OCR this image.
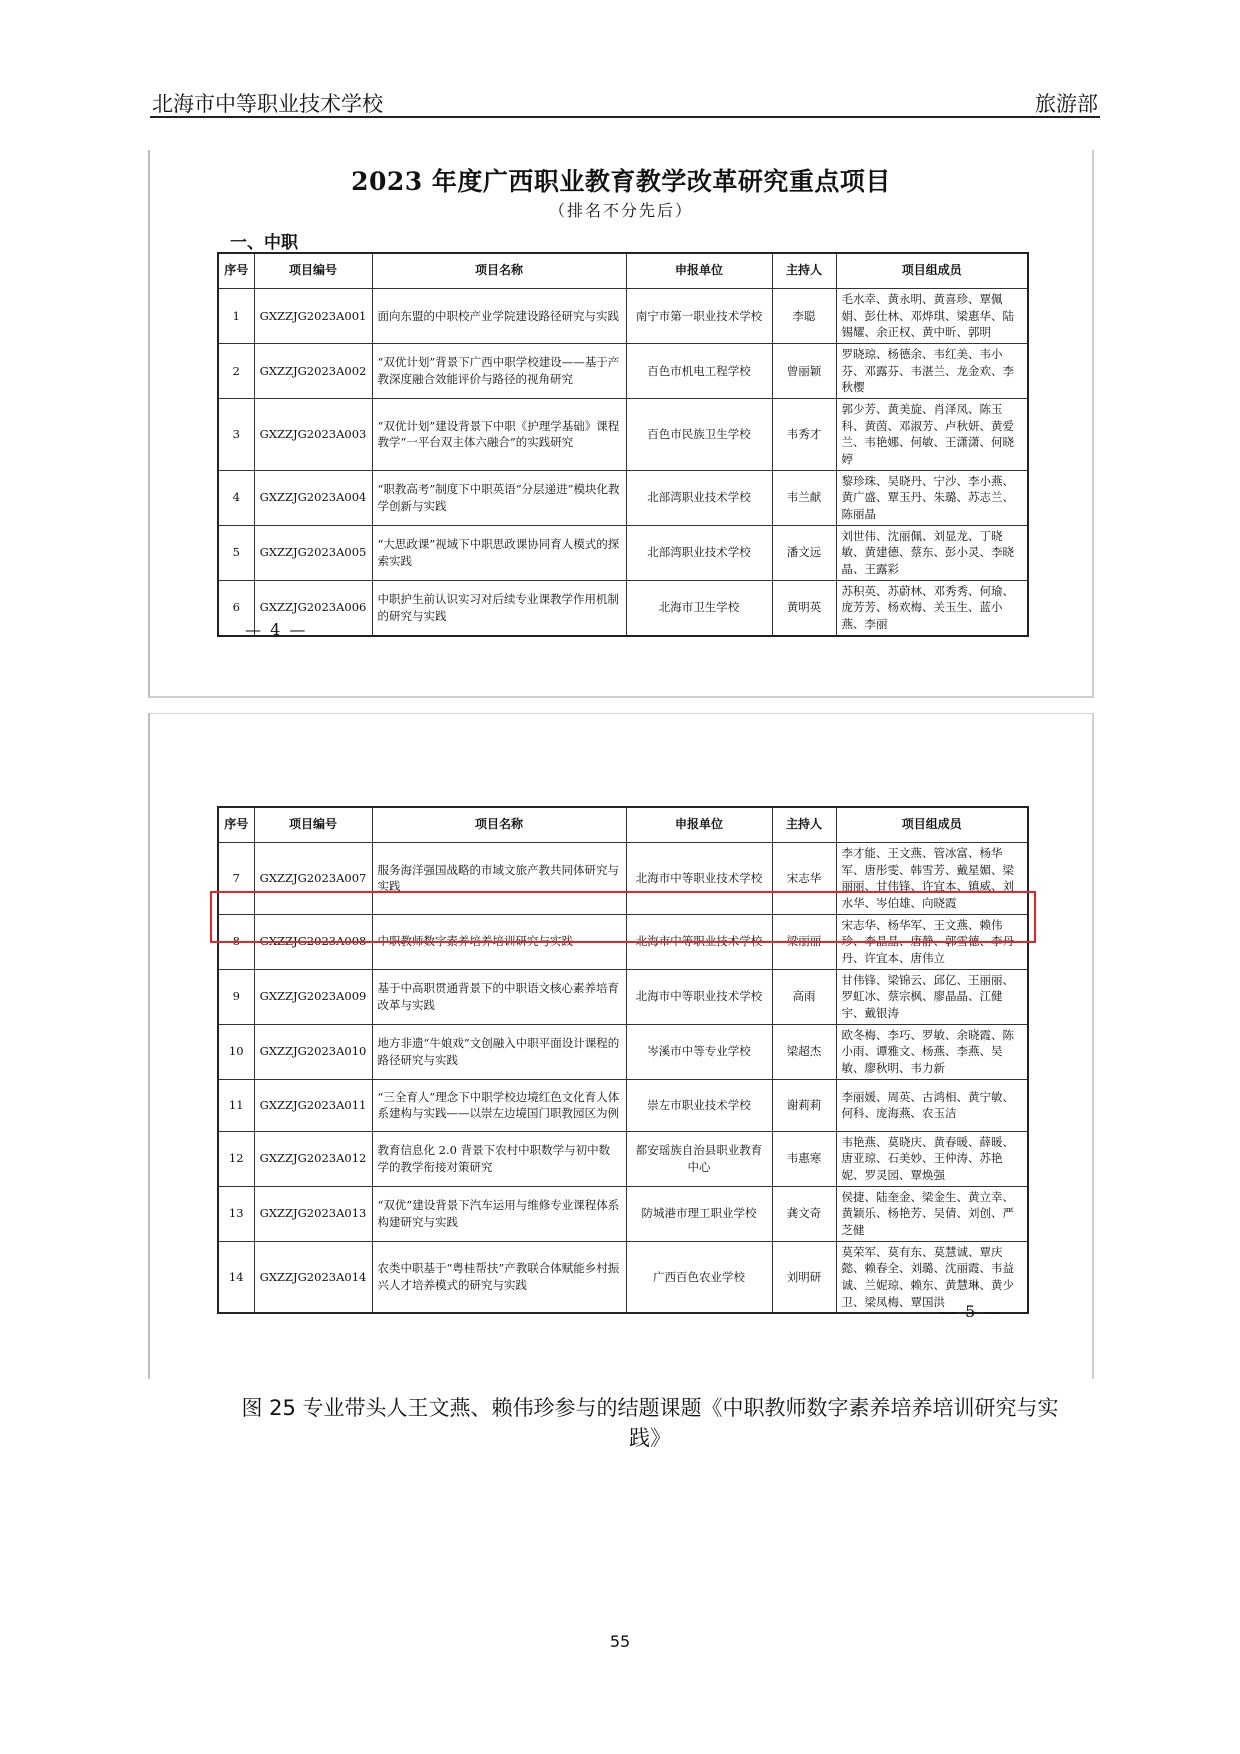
北海市中等职业技术学校	旅游部
2023 年度广西职业教育教学改革研究重点项目
（排名不分先后）
一、中职
序号	项目编号	项目名称	申报单位	主持人	项目组成员
1	GXZZJG2023A001	面向东盟的中职校产业学院建设路径研究与实践	南宁市第一职业技术学校	李聪	毛水幸、黄永明、黄喜珍、覃佩娟、彭仕林、邓烨琪、梁惠华、陆锡耀、余正权、黄中昕、郭明
2	GXZZJG2023A002	“双优计划”背景下广西中职学校建设——基于产教深度融合效能评价与路径的视角研究	百色市机电工程学校	曾丽颖	罗晓琼、杨德余、韦红美、韦小芬、邓露芬、韦湛兰、龙金欢、李秋樱
3	GXZZJG2023A003	“双优计划”建设背景下中职《护理学基础》课程教学“一平台双主体六融合”的实践研究	百色市民族卫生学校	韦秀才	郭少芳、黄美旋、肖泽凤、陈玉科、黄茵、邓淑芳、卢秋妍、黄爱兰、韦艳娜、何敏、王潇潇、何晓婷
4	GXZZJG2023A004	“职教高考”制度下中职英语“分层递进”模块化教学创新与实践	北部湾职业技术学校	韦兰献	黎珍珠、吴晓丹、宁沙、李小燕、黄广盛、覃玉丹、朱璐、苏志兰、陈丽晶
5	GXZZJG2023A005	“大思政课”视域下中职思政课协同育人模式的探索实践	北部湾职业技术学校	潘文远	刘世伟、沈丽佩、刘显龙、丁晓敏、黄建德、蔡东、彭小灵、李晓晶、王露彩
6	GXZZJG2023A006	中职护生前认识实习对后续专业课教学作用机制的研究与实践	北海市卫生学校	黄明英	苏积英、苏蔚林、邓秀秀、何瑜、庞芳芳、杨欢梅、关玉生、蓝小燕、李丽
— 4 —
序号	项目编号	项目名称	申报单位	主持人	项目组成员
7	GXZZJG2023A007	服务海洋强国战略的市域文旅产教共同体研究与实践	北海市中等职业技术学校	宋志华	李才能、王文燕、管冰富、杨华军、唐彤雯、韩雪芳、戴星媚、梁丽丽、甘伟锋、许宜本、镇威、刘水华、岑伯雄、向晓霞
8	GXZZJG2023A008	中职教师数字素养培养培训研究与实践	北海市中等职业技术学校	梁丽丽	宋志华、杨华军、王文燕、赖伟珍、李晶晶、唐静、郭雪德、李丹丹、许宜本、唐伟立
9	GXZZJG2023A009	基于中高职贯通背景下的中职语文核心素养培育改革与实践	北海市中等职业技术学校	高雨	甘伟锋、梁锦云、邱亿、王丽丽、罗虹冰、蔡宗枫、廖晶晶、江健宇、戴银涛
10	GXZZJG2023A010	地方非遗“牛娘戏”文创融入中职平面设计课程的路径研究与实践	岑溪市中等专业学校	梁超杰	欧冬梅、李巧、罗敏、余晓霞、陈小雨、谭雅文、杨燕、李燕、吴敏、廖秋明、韦力新
11	GXZZJG2023A011	“三全育人”理念下中职学校边境红色文化育人体系建构与实践——以崇左边境国门职教园区为例	崇左市职业技术学校	谢莉莉	李丽媛、周英、古鸿相、黄宁敏、何科、庞海燕、农玉洁
12	GXZZJG2023A012	教育信息化 2.0 背景下农村中职数学与初中数学的教学衔接对策研究	都安瑶族自治县职业教育中心	韦惠寒	韦艳燕、莫晓庆、黄春暖、薛暖、唐亚琼、石美妙、王仲涛、苏艳妮、罗灵园、覃焕强
13	GXZZJG2023A013	“双优”建设背景下汽车运用与维修专业课程体系构建研究与实践	防城港市理工职业学校	龚文奇	侯捷、陆奎金、梁金生、黄立幸、黄颖乐、杨艳芳、吴倩、刘创、严芝健
14	GXZZJG2023A014	农类中职基于“粤桂帮扶”产教联合体赋能乡村振兴人才培养模式的研究与实践	广西百色农业学校	刘明研	莫荣军、莫有东、莫慧诚、覃庆懿、赖春全、刘璐、沈丽霞、韦益诚、兰妮琼、赖东、黄慧琳、黄少卫、梁凤梅、覃国洪
— 5 —
图 25 专业带头人王文燕、赖伟珍参与的结题课题《中职教师数字素养培养培训研究与实
践》
55
